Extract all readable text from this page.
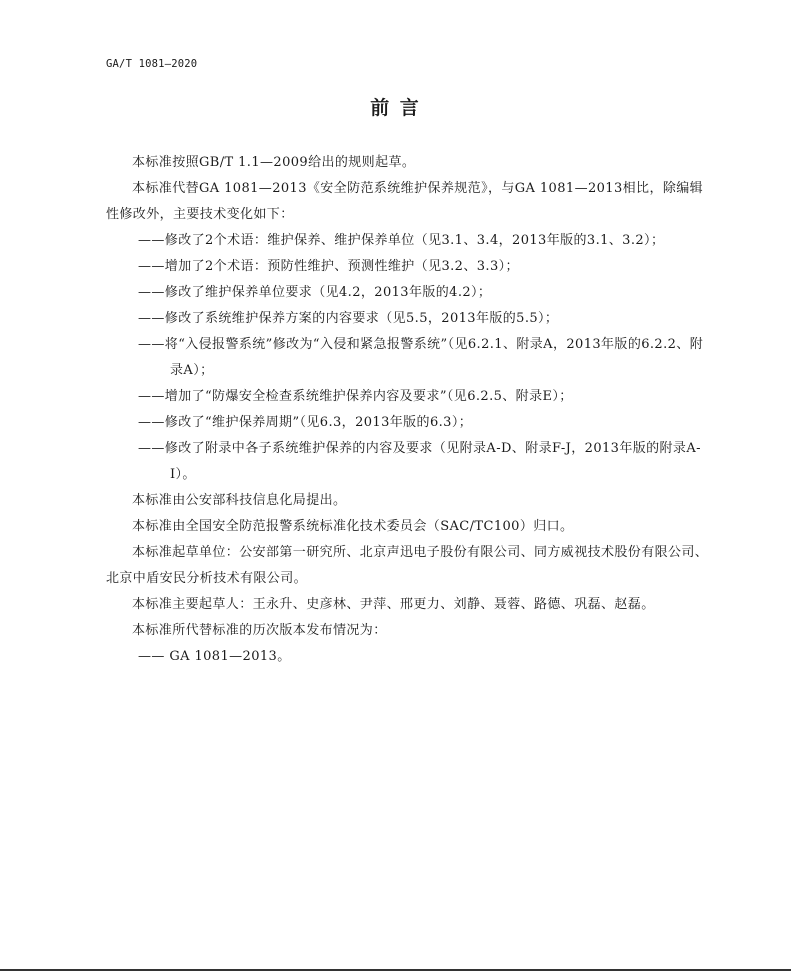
GA/T 1081—2020
前 言

本标准按照GB/T 1.1—2009给出的规则起草。

本标准代替GA 1081—2013《安全防范系统维护保养规范》，与GA 1081—2013相比，除编辑性修改外，主要技术变化如下：

——修改了2个术语：维护保养、维护保养单位（见3.1、3.4，2013年版的3.1、3.2）；

——增加了2个术语：预防性维护、预测性维护（见3.2、3.3）；

——修改了维护保养单位要求（见4.2，2013年版的4.2）；

——修改了系统维护保养方案的内容要求（见5.5，2013年版的5.5）；

——将“入侵报警系统”修改为“入侵和紧急报警系统”（见6.2.1、附录A，2013年版的6.2.2、附录A）；

——增加了“防爆安全检查系统维护保养内容及要求”（见6.2.5、附录E）；

——修改了“维护保养周期”（见6.3，2013年版的6.3）；

——修改了附录中各子系统维护保养的内容及要求（见附录A-D、附录F-J，2013年版的附录A-I）。

本标准由公安部科技信息化局提出。

本标准由全国安全防范报警系统标准化技术委员会（SAC/TC100）归口。

本标准起草单位：公安部第一研究所、北京声迅电子股份有限公司、同方威视技术股份有限公司、北京中盾安民分析技术有限公司。

本标准主要起草人：王永升、史彦林、尹萍、邢更力、刘静、聂蓉、路德、巩磊、赵磊。

本标准所代替标准的历次版本发布情况为：

—— GA 1081—2013。
